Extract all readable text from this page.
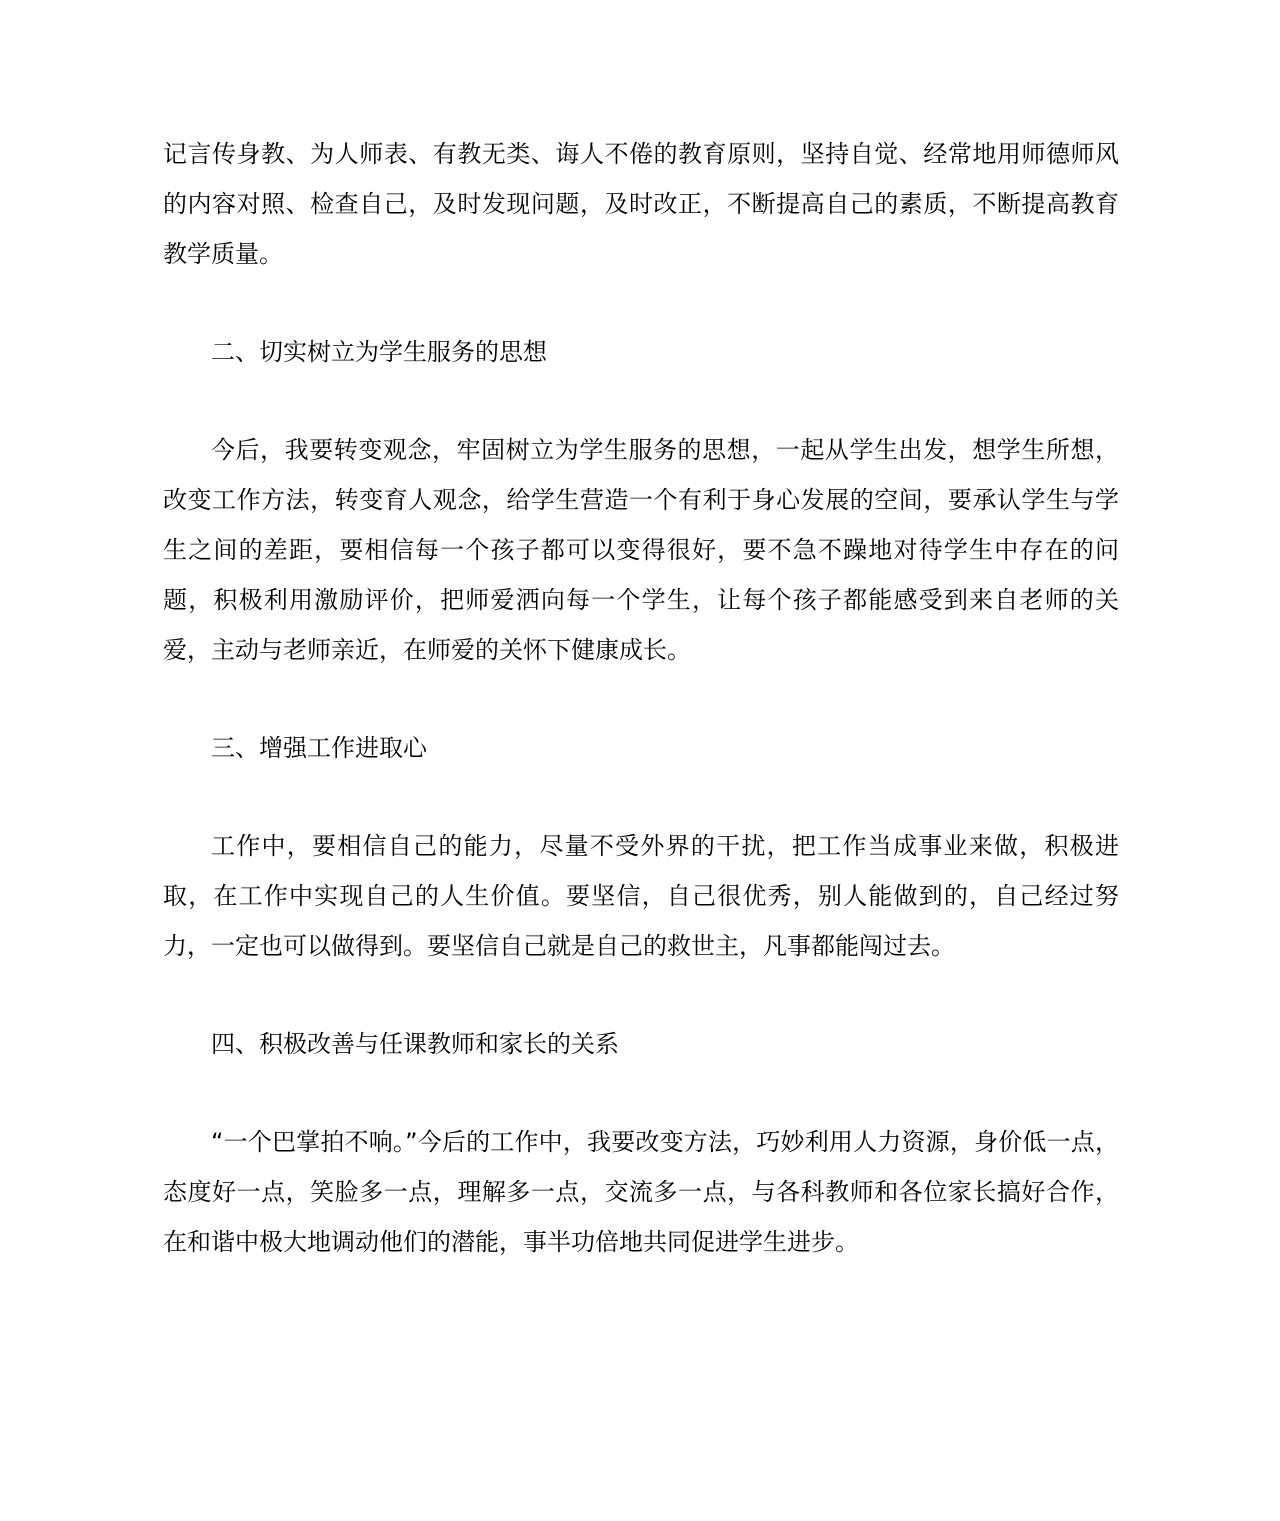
记言传身教、为人师表、有教无类、诲人不倦的教育原则，坚持自觉、经常地用师德师风的内容对照、检查自己，及时发现问题，及时改正，不断提高自己的素质，不断提高教育教学质量。

二、切实树立为学生服务的思想

今后，我要转变观念，牢固树立为学生服务的思想，一起从学生出发，想学生所想，改变工作方法，转变育人观念，给学生营造一个有利于身心发展的空间，要承认学生与学生之间的差距，要相信每一个孩子都可以变得很好，要不急不躁地对待学生中存在的问题，积极利用激励评价，把师爱洒向每一个学生，让每个孩子都能感受到来自老师的关爱，主动与老师亲近，在师爱的关怀下健康成长。

三、增强工作进取心

工作中，要相信自己的能力，尽量不受外界的干扰，把工作当成事业来做，积极进取，在工作中实现自己的人生价值。要坚信，自己很优秀，别人能做到的，自己经过努力，一定也可以做得到。要坚信自己就是自己的救世主，凡事都能闯过去。

四、积极改善与任课教师和家长的关系

“一个巴掌拍不响。”今后的工作中，我要改变方法，巧妙利用人力资源，身价低一点，态度好一点，笑脸多一点，理解多一点，交流多一点，与各科教师和各位家长搞好合作，在和谐中极大地调动他们的潜能，事半功倍地共同促进学生进步。
